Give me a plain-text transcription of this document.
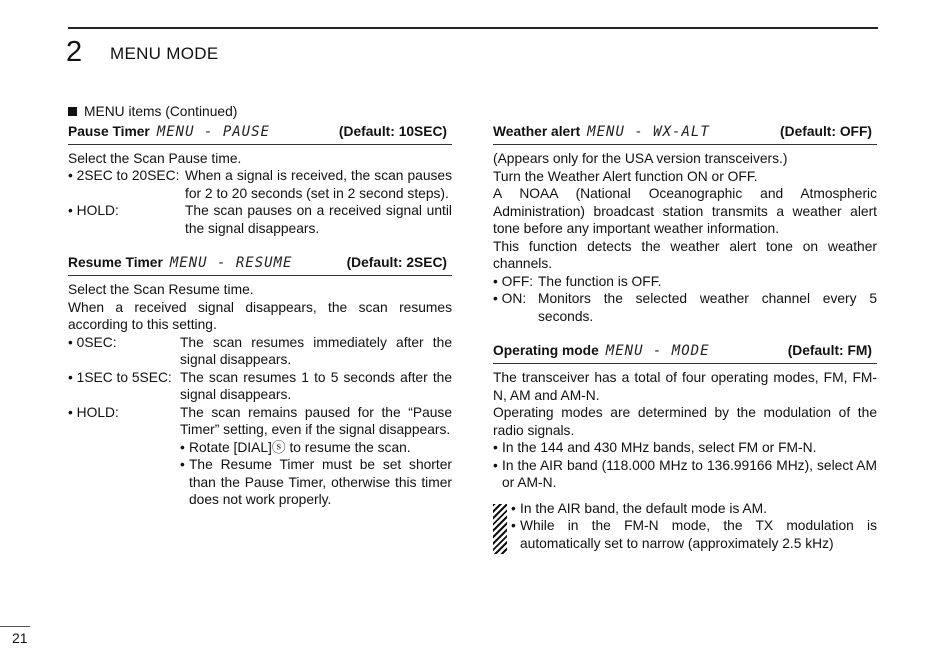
2 MENU MODE
MENU items (Continued)
Pause Timer MENU - PAUSE	(Default: 10SEC)

Select the Scan Pause time.

• 2SEC to 20SEC: When a signal is received, the scan pauses for 2 to 20 seconds (set in 2 second steps).
• HOLD:	The scan pauses on a received signal until the signal disappears.
Resume Timer MENU - RESUME	(Default: 2SEC)

Select the Scan Resume time.

When a received signal disappears, the scan resumes according to this setting.

• 0SEC:	The scan resumes immediately after the signal disappears.
• 1SEC to 5SEC: The scan resumes 1 to 5 seconds after the signal disappears.
• HOLD:	The scan remains paused for the “Pause Timer” setting, even if the signal disappears.
• Rotate [DIAL]ⓢ to resume the scan.
• The Resume Timer must be set shorter than the Pause Timer, otherwise this timer does not work properly.
Weather alert MENU - WX-ALT	(Default: OFF)

(Appears only for the USA version transceivers.)

Turn the Weather Alert function ON or OFF.

A NOAA (National Oceanographic and Atmospheric Administration) broadcast station transmits a weather alert tone before any important weather information.

This function detects the weather alert tone on weather channels.

• OFF: The function is OFF.
• ON: Monitors the selected weather channel every 5 seconds.
Operating mode MENU - MODE	(Default: FM)

The transceiver has a total of four operating modes, FM, FM-N, AM and AM-N.

Operating modes are determined by the modulation of the radio signals.

• In the 144 and 430 MHz bands, select FM or FM-N.
• In the AIR band (118.000 MHz to 136.99166 MHz), select AM or AM-N.
• In the AIR band, the default mode is AM.
• While in the FM-N mode, the TX modulation is automatically set to narrow (approximately 2.5 kHz)
21
